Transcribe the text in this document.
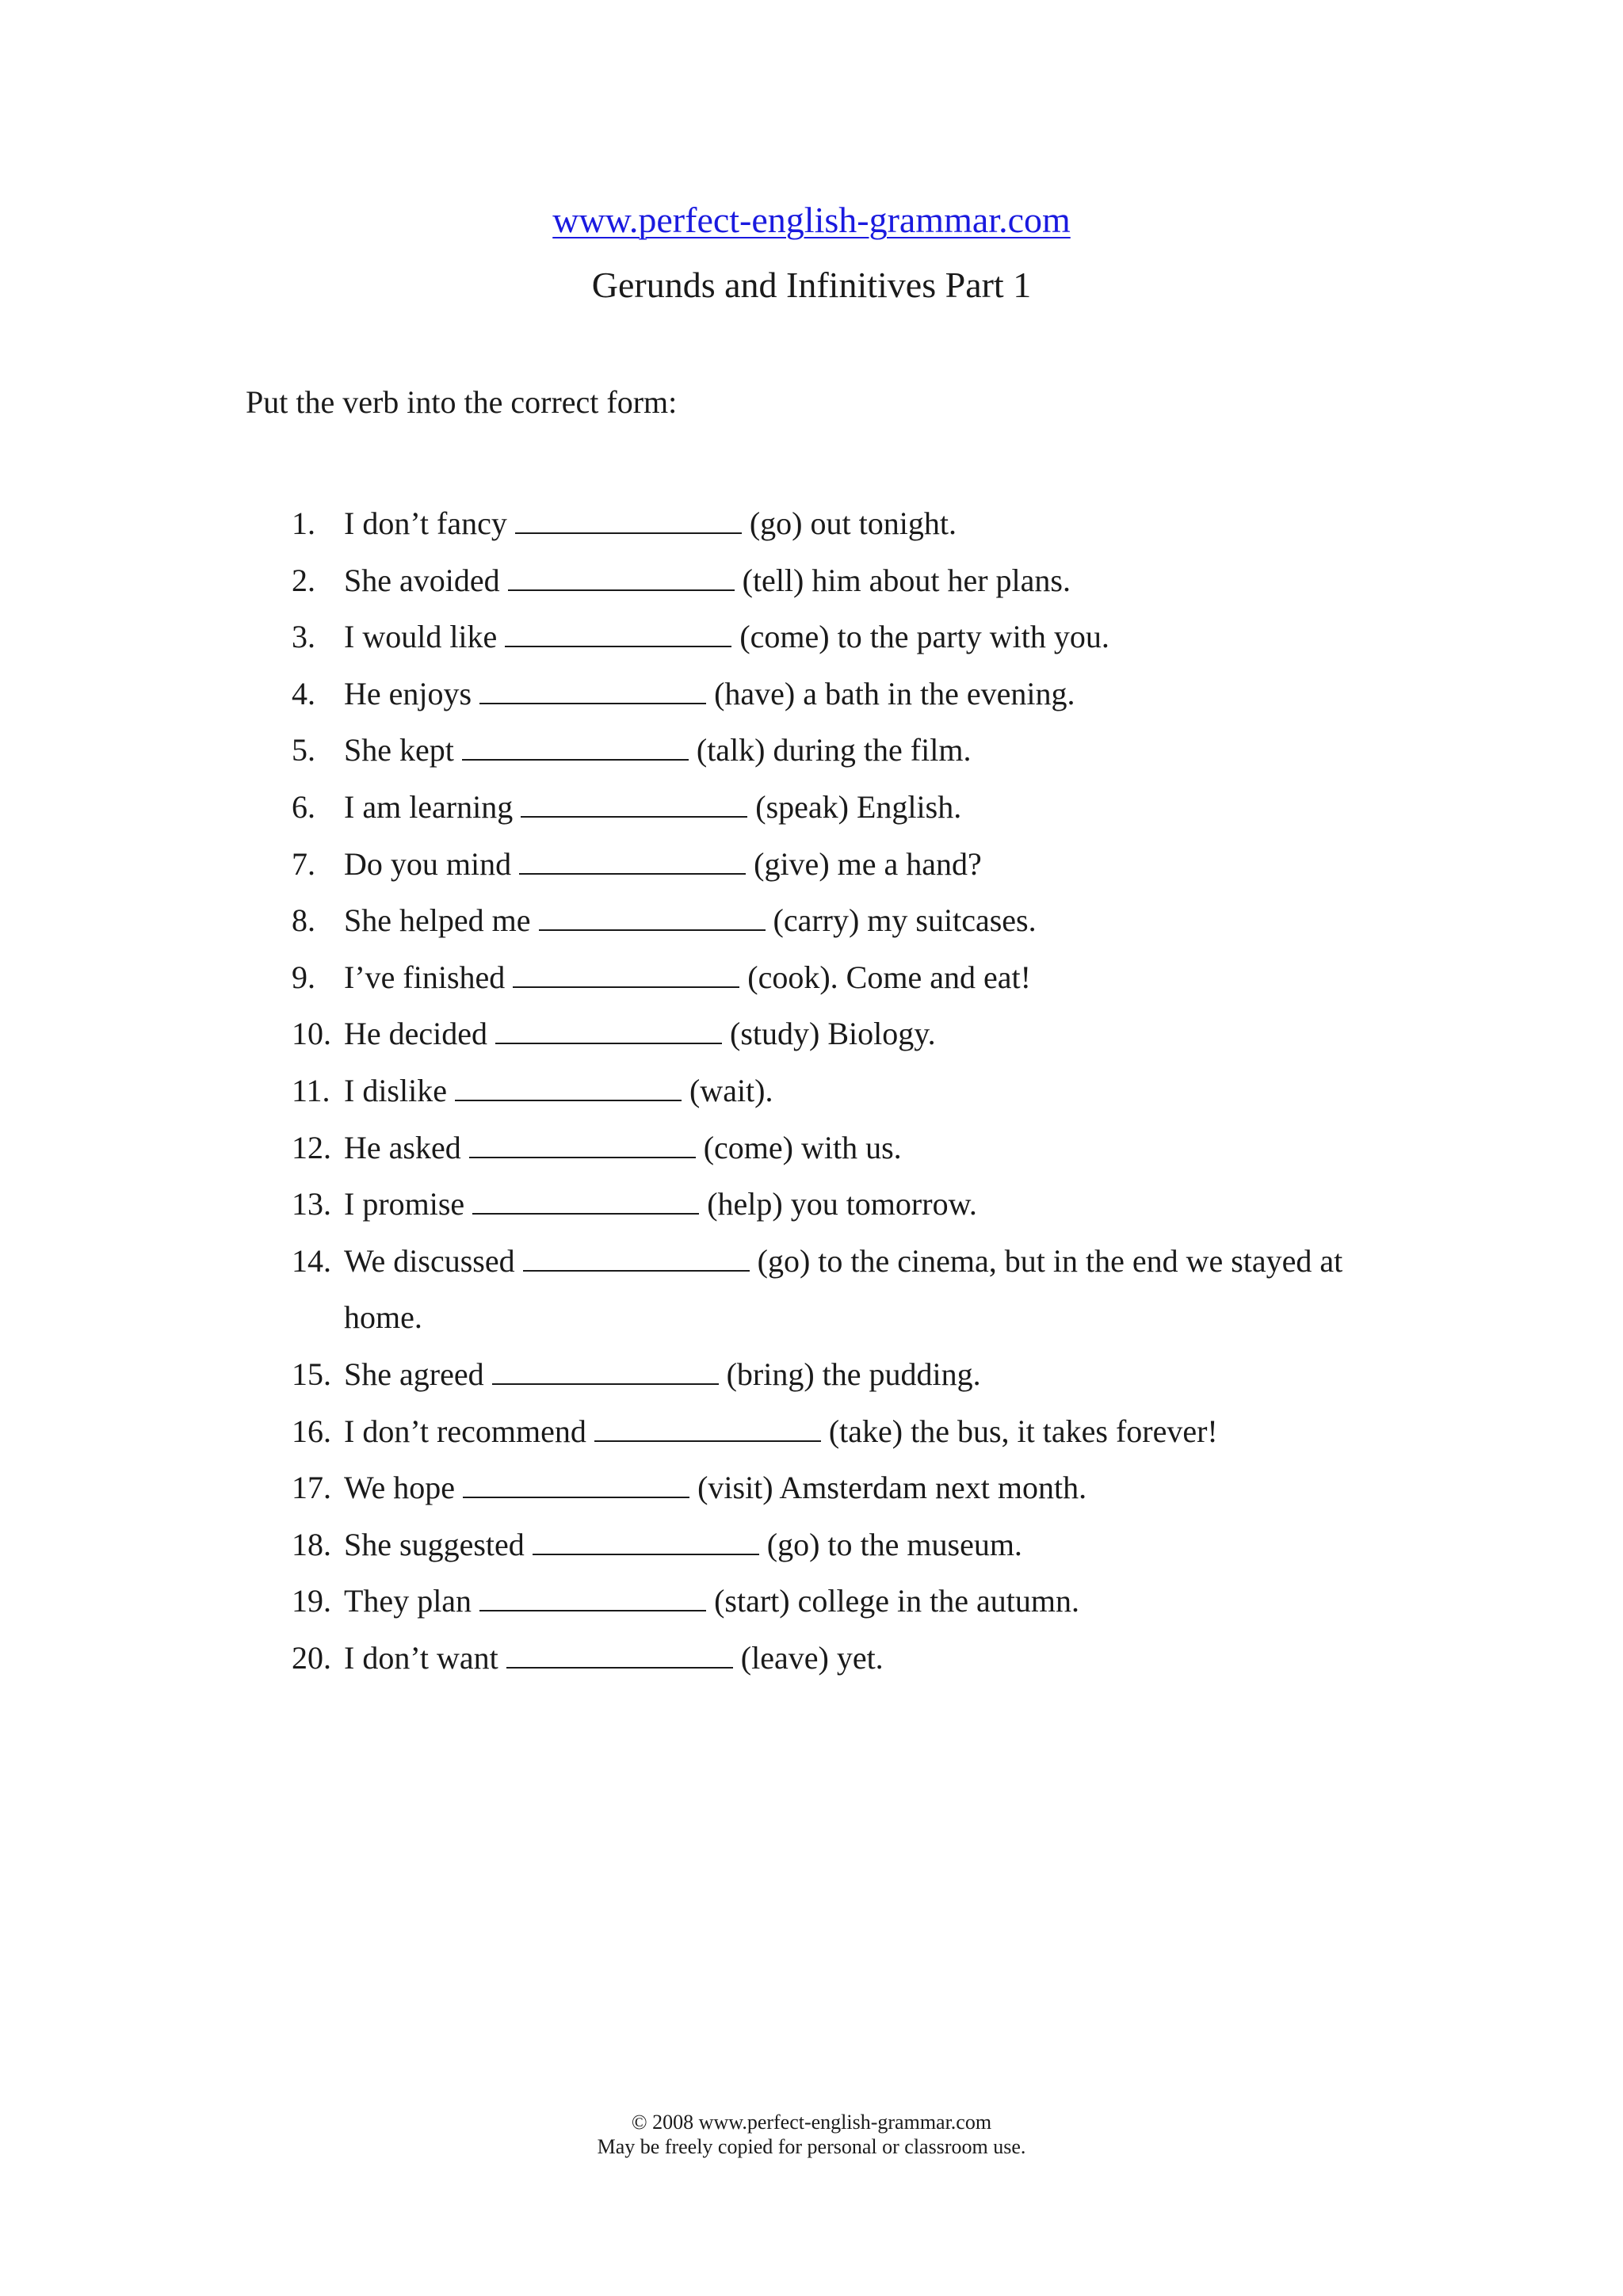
www.perfect-english-grammar.com
Gerunds and Infinitives Part 1
Put the verb into the correct form:
1. I don’t fancy	(go) out tonight.
2. She avoided	(tell) him about her plans.
3. I would like	(come) to the party with you.
4. He enjoys	(have) a bath in the evening.
5. She kept	(talk) during the film.
6. I am learning	(speak) English.
7. Do you mind	(give) me a hand?
8. She helped me	(carry) my suitcases.
9. I’ve finished	(cook). Come and eat!
10. He decided	(study) Biology.
11. I dislike	(wait).
12. He asked	(come) with us.
13. I promise	(help) you tomorrow.
14. We discussed	(go) to the cinema, but in the end we stayed at home.
15. She agreed	(bring) the pudding.
16. I don’t recommend	(take) the bus, it takes forever!
17. We hope	(visit) Amsterdam next month.
18. She suggested	(go) to the museum.
19. They plan	(start) college in the autumn.
20. I don’t want	(leave) yet.
© 2008 www.perfect-english-grammar.com
May be freely copied for personal or classroom use.
